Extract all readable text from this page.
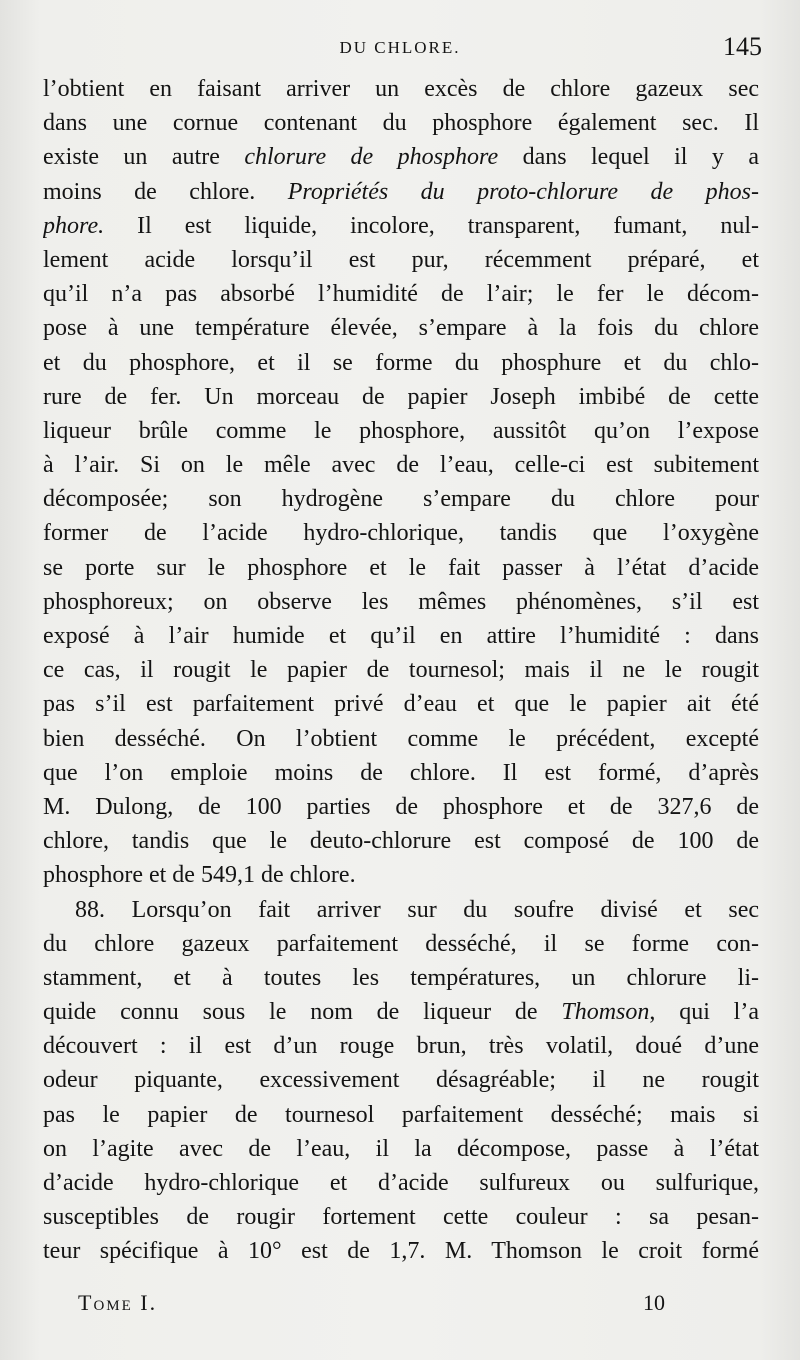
DU CHLORE.	145
l’obtient en faisant arriver un excès de chlore gazeux sec
dans une cornue contenant du phosphore également sec. Il
existe un autre chlorure de phosphore dans lequel il y a
moins de chlore. Propriétés du proto-chlorure de phos-
phore. Il est liquide, incolore, transparent, fumant, nul-
lement acide lorsqu’il est pur, récemment préparé, et
qu’il n’a pas absorbé l’humidité de l’air; le fer le décom-
pose à une température élevée, s’empare à la fois du chlore
et du phosphore, et il se forme du phosphure et du chlo-
rure de fer. Un morceau de papier Joseph imbibé de cette
liqueur brûle comme le phosphore, aussitôt qu’on l’expose
à l’air. Si on le mêle avec de l’eau, celle-ci est subitement
décomposée; son hydrogène s’empare du chlore pour
former de l’acide hydro-chlorique, tandis que l’oxygène
se porte sur le phosphore et le fait passer à l’état d’acide
phosphoreux; on observe les mêmes phénomènes, s’il est
exposé à l’air humide et qu’il en attire l’humidité : dans
ce cas, il rougit le papier de tournesol; mais il ne le rougit
pas s’il est parfaitement privé d’eau et que le papier ait été
bien desséché. On l’obtient comme le précédent, excepté
que l’on emploie moins de chlore. Il est formé, d’après
M. Dulong, de 100 parties de phosphore et de 327,6 de
chlore, tandis que le deuto-chlorure est composé de 100 de
phosphore et de 549,1 de chlore.
88. Lorsqu’on fait arriver sur du soufre divisé et sec
du chlore gazeux parfaitement desséché, il se forme con-
stamment, et à toutes les températures, un chlorure li-
quide connu sous le nom de liqueur de Thomson, qui l’a
découvert : il est d’un rouge brun, très volatil, doué d’une
odeur piquante, excessivement désagréable; il ne rougit
pas le papier de tournesol parfaitement desséché; mais si
on l’agite avec de l’eau, il la décompose, passe à l’état
d’acide hydro-chlorique et d’acide sulfureux ou sulfurique,
susceptibles de rougir fortement cette couleur : sa pesan-
teur spécifique à 10° est de 1,7. M. Thomson le croit formé
Tome I.	10
